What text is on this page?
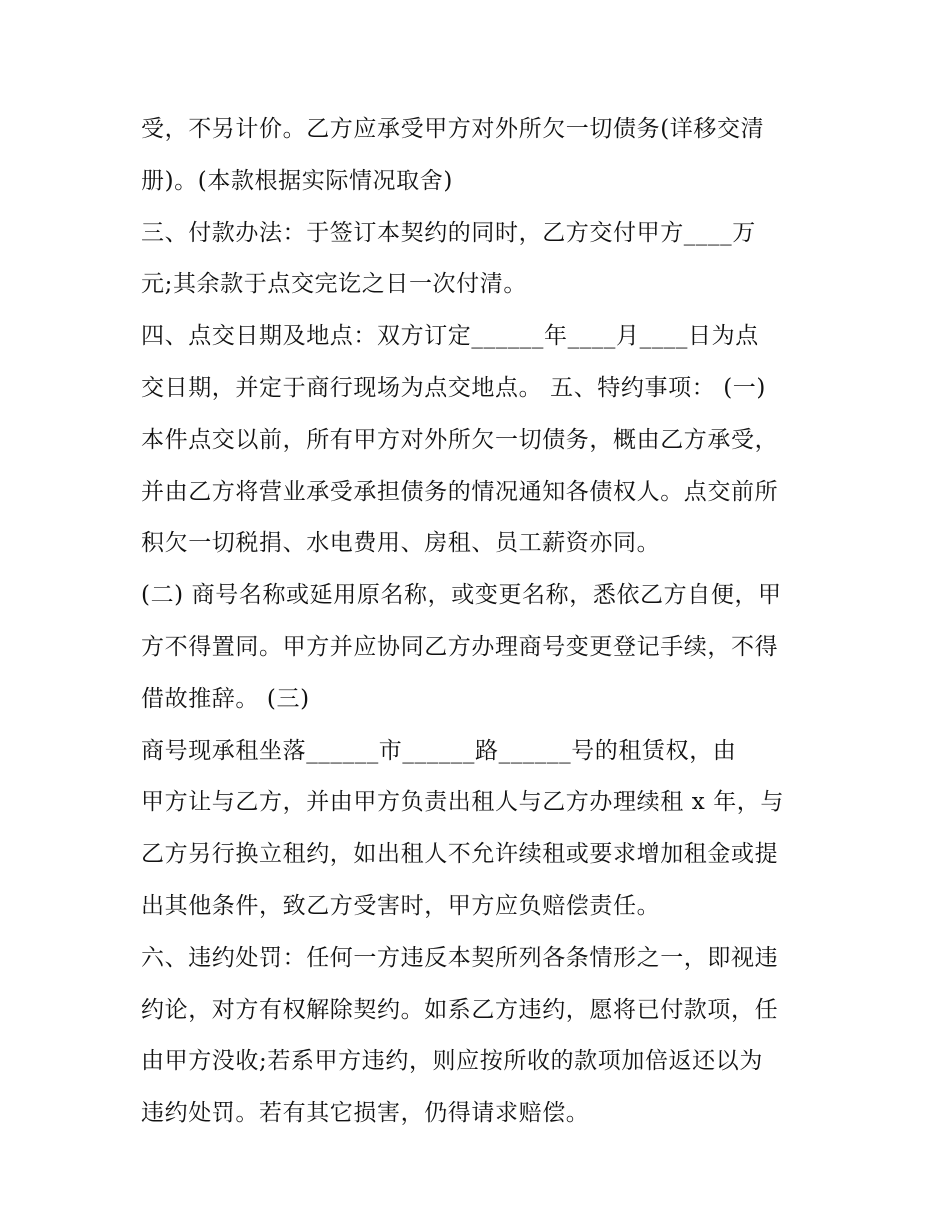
受，不另计价。乙方应承受甲方对外所欠一切债务(详移交清
册)。(本款根据实际情况取舍)
三、付款办法：于签订本契约的同时，乙方交付甲方____万
元;其余款于点交完讫之日一次付清。
四、点交日期及地点：双方订定______年____月____日为点
交日期，并定于商行现场为点交地点。 五、特约事项： (一)
本件点交以前，所有甲方对外所欠一切债务，概由乙方承受，
并由乙方将营业承受承担债务的情况通知各债权人。点交前所
积欠一切税捐、水电费用、房租、员工薪资亦同。
(二) 商号名称或延用原名称，或变更名称，悉依乙方自便，甲
方不得置同。甲方并应协同乙方办理商号变更登记手续，不得
借故推辞。 (三)
商号现承租坐落______市______路______号的租赁权，由
甲方让与乙方，并由甲方负责出租人与乙方办理续租 x 年，与
乙方另行换立租约，如出租人不允许续租或要求增加租金或提
出其他条件，致乙方受害时，甲方应负赔偿责任。
六、违约处罚：任何一方违反本契所列各条情形之一，即视违
约论，对方有权解除契约。如系乙方违约，愿将已付款项，任
由甲方没收;若系甲方违约，则应按所收的款项加倍返还以为
违约处罚。若有其它损害，仍得请求赔偿。
